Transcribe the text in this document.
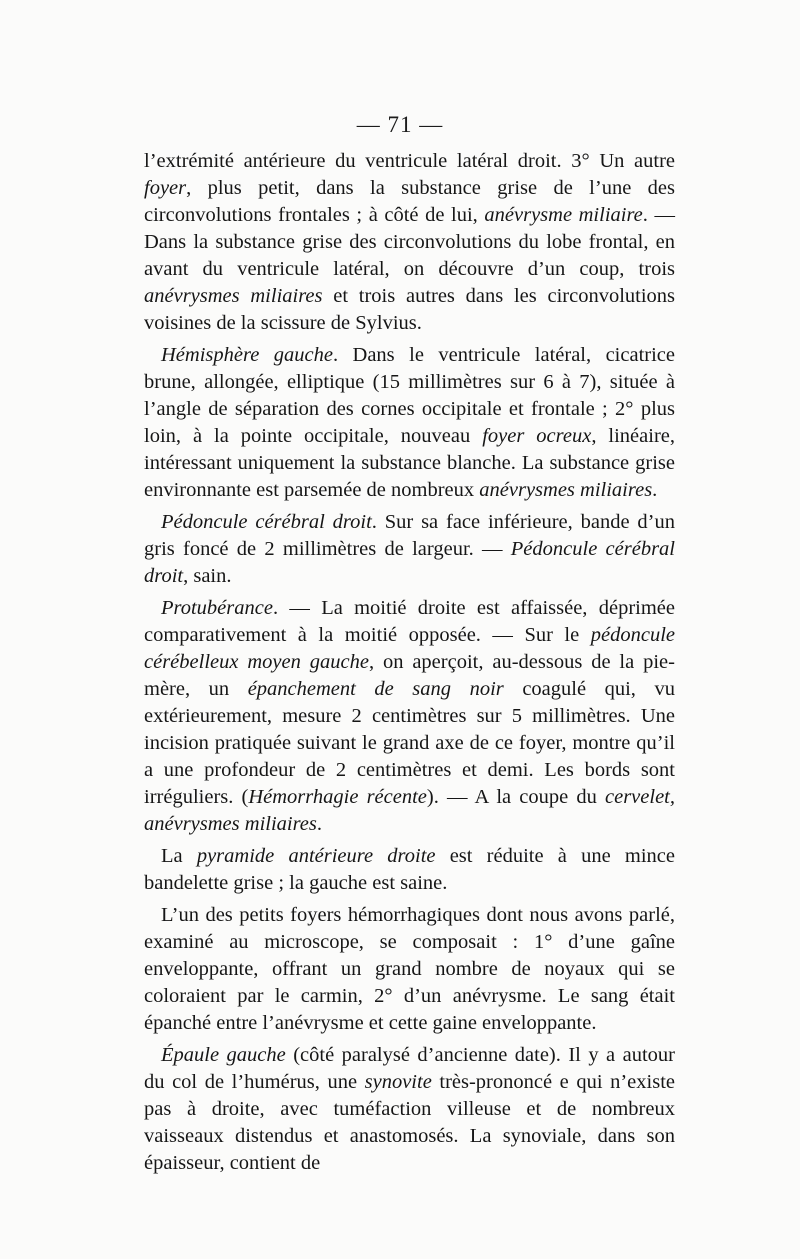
— 71 —

l’extrémité antérieure du ventricule latéral droit. 3° Un autre foyer, plus petit, dans la substance grise de l’une des circonvolutions frontales ; à côté de lui, anévrysme miliaire. — Dans la substance grise des circonvolutions du lobe frontal, en avant du ventricule latéral, on découvre d’un coup, trois anévrysmes miliaires et trois autres dans les circonvolutions voisines de la scissure de Sylvius.

Hémisphère gauche. Dans le ventricule latéral, cicatrice brune, allongée, elliptique (15 millimètres sur 6 à 7), située à l’angle de séparation des cornes occipitale et frontale ; 2° plus loin, à la pointe occipitale, nouveau foyer ocreux, linéaire, intéressant uniquement la substance blanche. La substance grise environnante est parsemée de nombreux anévrysmes miliaires.

Pédoncule cérébral droit. Sur sa face inférieure, bande d’un gris foncé de 2 millimètres de largeur. — Pédoncule cérébral droit, sain.

Protubérance. — La moitié droite est affaissée, déprimée comparativement à la moitié opposée. — Sur le pédoncule cérébelleux moyen gauche, on aperçoit, au-dessous de la pie-mère, un épanchement de sang noir coagulé qui, vu extérieurement, mesure 2 centimètres sur 5 millimètres. Une incision pratiquée suivant le grand axe de ce foyer, montre qu’il a une profondeur de 2 centimètres et demi. Les bords sont irréguliers. (Hémorrhagie récente). — A la coupe du cervelet, anévrysmes miliaires.

La pyramide antérieure droite est réduite à une mince bandelette grise ; la gauche est saine.

L’un des petits foyers hémorrhagiques dont nous avons parlé, examiné au microscope, se composait : 1° d’une gaîne enveloppante, offrant un grand nombre de noyaux qui se coloraient par le carmin, 2° d’un anévrysme. Le sang était épanché entre l’anévrysme et cette gaine enveloppante.

Épaule gauche (côté paralysé d’ancienne date). Il y a autour du col de l’humérus, une synovite très-prononcé e qui n’existe pas à droite, avec tuméfaction villeuse et de nombreux vaisseaux distendus et anastomosés. La synoviale, dans son épaisseur, contient de
